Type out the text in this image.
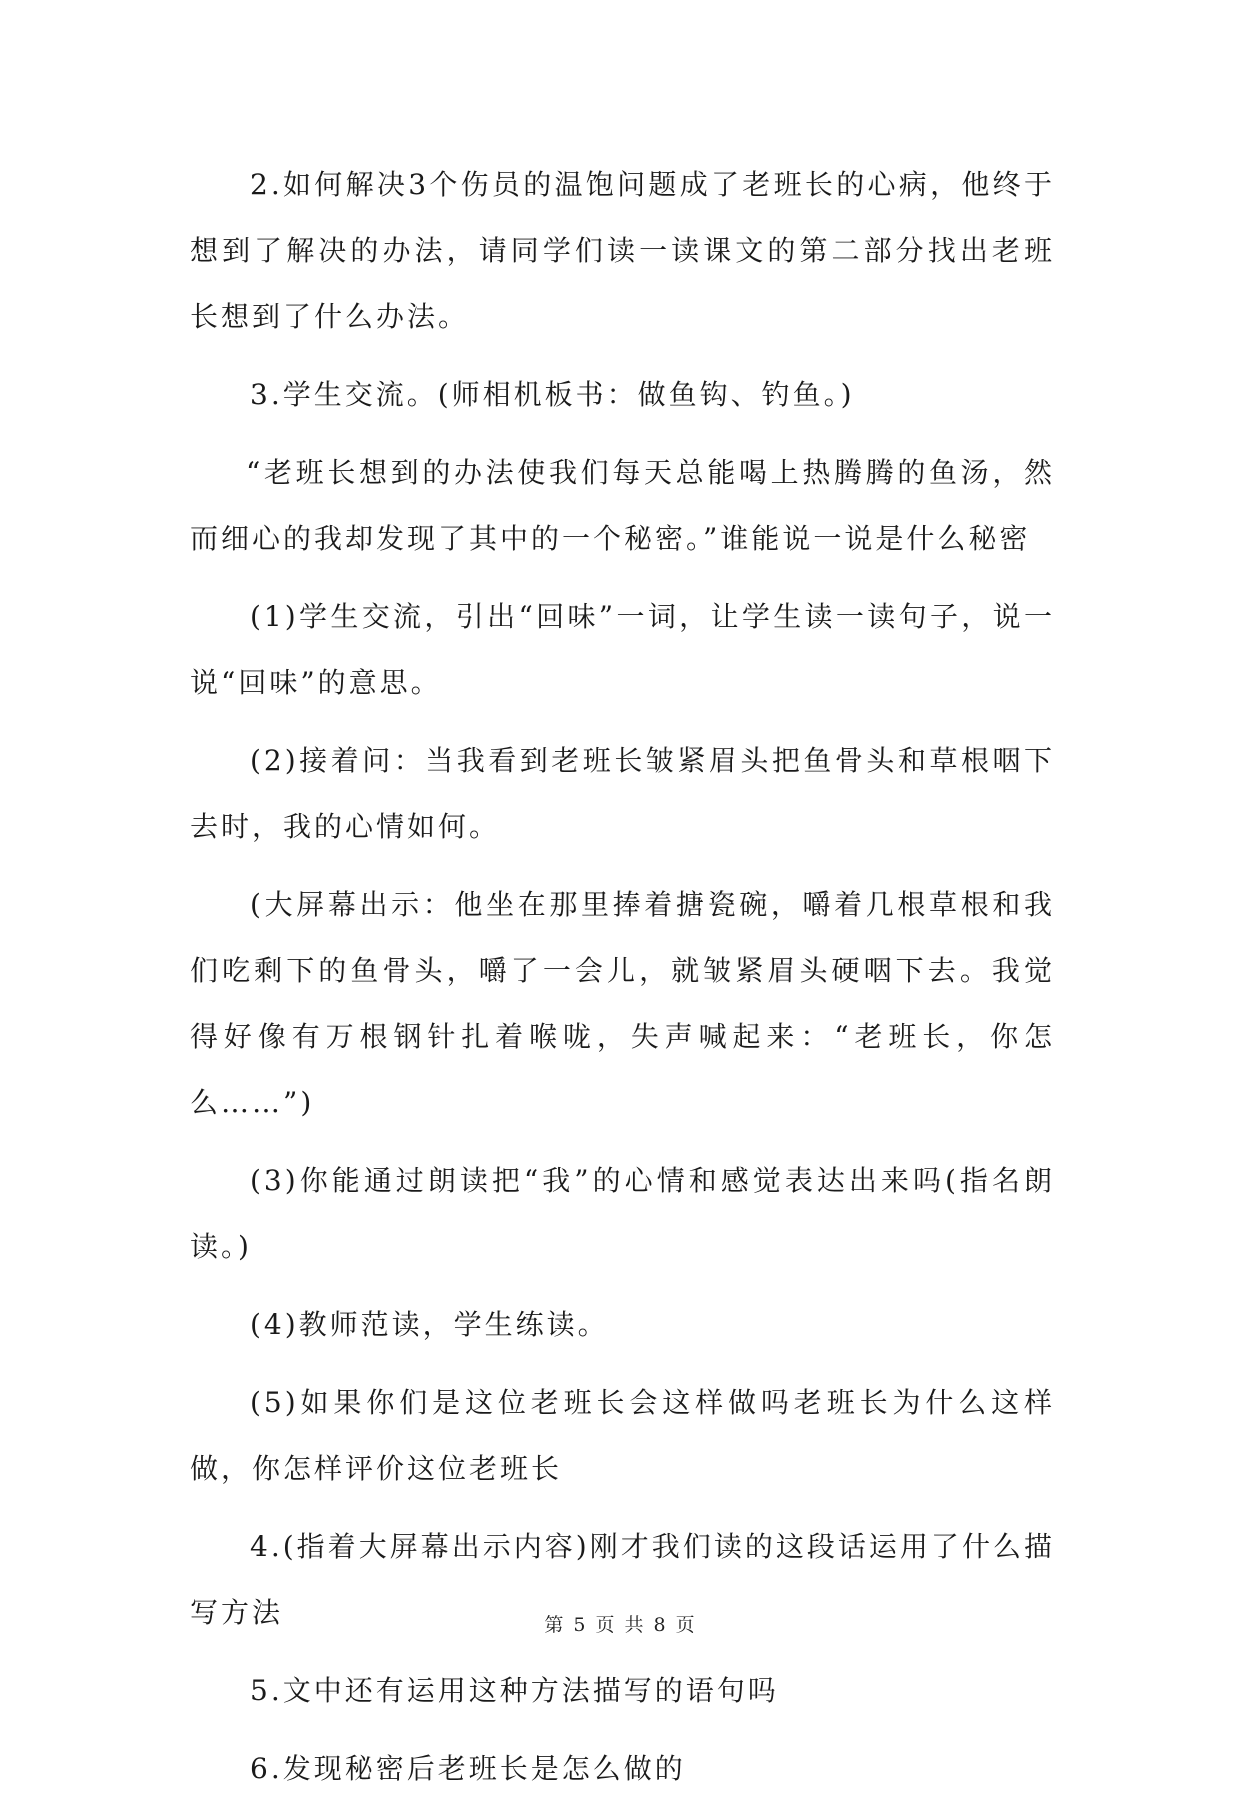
2.如何解决3个伤员的温饱问题成了老班长的心病，他终于想到了解决的办法，请同学们读一读课文的第二部分找出老班长想到了什么办法。

3.学生交流。(师相机板书：做鱼钩、钓鱼。)

“老班长想到的办法使我们每天总能喝上热腾腾的鱼汤，然而细心的我却发现了其中的一个秘密。”谁能说一说是什么秘密

(1)学生交流，引出“回味”一词，让学生读一读句子，说一说“回味”的意思。

(2)接着问：当我看到老班长皱紧眉头把鱼骨头和草根咽下去时，我的心情如何。

(大屏幕出示：他坐在那里捧着搪瓷碗，嚼着几根草根和我们吃剩下的鱼骨头，嚼了一会儿，就皱紧眉头硬咽下去。我觉得好像有万根钢针扎着喉咙，失声喊起来：“老班长，你怎么……”)

(3)你能通过朗读把“我”的心情和感觉表达出来吗(指名朗读。)

(4)教师范读，学生练读。

(5)如果你们是这位老班长会这样做吗老班长为什么这样做，你怎样评价这位老班长

4.(指着大屏幕出示内容)刚才我们读的这段话运用了什么描写方法

5.文中还有运用这种方法描写的语句吗

6.发现秘密后老班长是怎么做的

第 5 页 共 8 页
